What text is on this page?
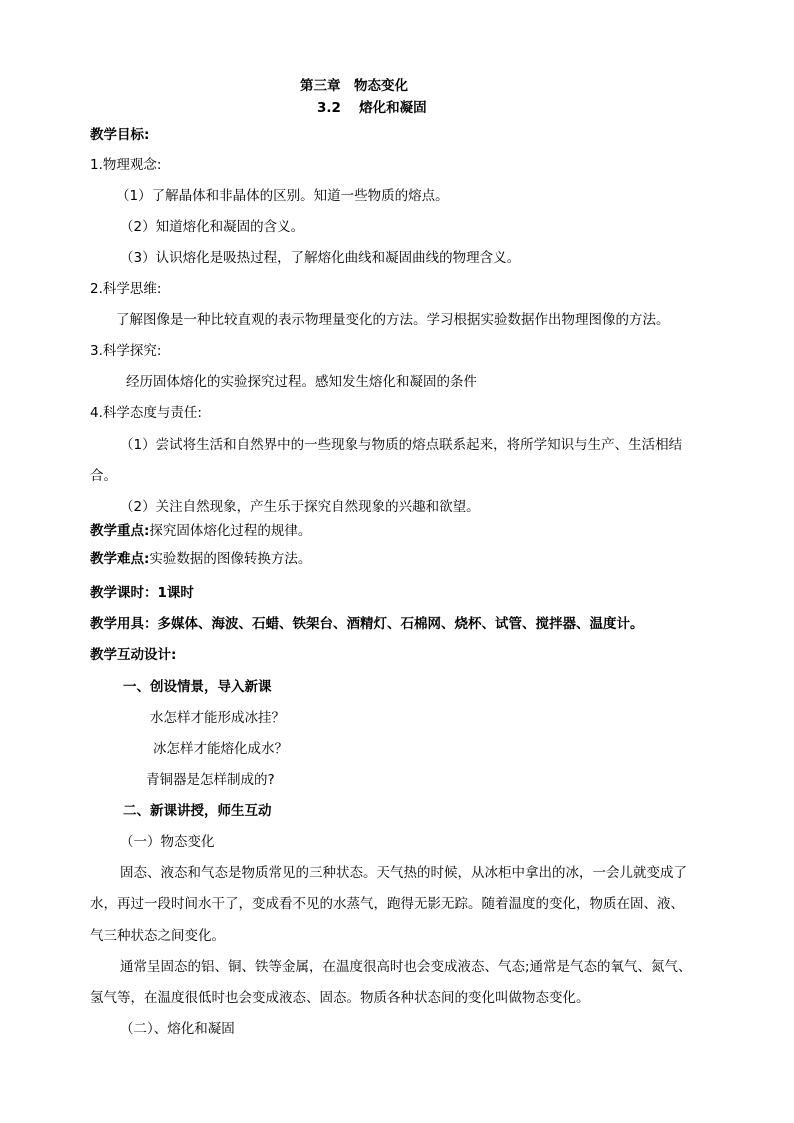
第三章　物态变化
3.2　 熔化和凝固
教学目标:
1.物理观念:
（1）了解晶体和非晶体的区别。知道一些物质的熔点。
（2）知道熔化和凝固的含义。
（3）认识熔化是吸热过程，了解熔化曲线和凝固曲线的物理含义。
2.科学思维:
了解图像是一种比较直观的表示物理量变化的方法。学习根据实验数据作出物理图像的方法。
3.科学探究:
经历固体熔化的实验探究过程。感知发生熔化和凝固的条件
4.科学态度与责任:
（1）尝试将生活和自然界中的一些现象与物质的熔点联系起来，将所学知识与生产、生活相结
合。
（2）关注自然现象，产生乐于探究自然现象的兴趣和欲望。
教学重点:探究固体熔化过程的规律。
教学难点:实验数据的图像转换方法。
教学课时：1课时
教学用具：多媒体、海波、石蜡、铁架台、酒精灯、石棉网、烧杯、试管、搅拌器、温度计。
教学互动设计:
一、创设情景，导入新课
水怎样才能形成冰挂？
冰怎样才能熔化成水？
青铜器是怎样制成的?
二、新课讲授，师生互动
（一）物态变化
固态、液态和气态是物质常见的三种状态。天气热的时候，从冰柜中拿出的冰，一会儿就变成了
水，再过一段时间水干了，变成看不见的水蒸气，跑得无影无踪。随着温度的变化，物质在固、液、
气三种状态之间变化。
通常呈固态的铝、铜、铁等金属，在温度很高时也会变成液态、气态;通常是气态的氧气、氮气、
氢气等，在温度很低时也会变成液态、固态。物质各种状态间的变化叫做物态变化。
（二）、熔化和凝固
